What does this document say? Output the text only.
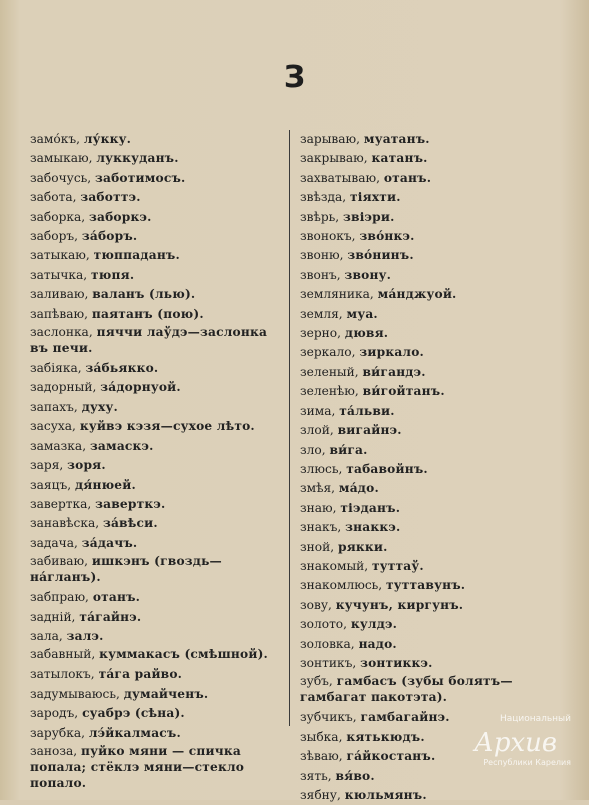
З
замо́къ, лу́кку.
замыкаю, луккуданъ.
забочусь, заботимосъ.
забота, заботтэ.
заборка, заборкэ.
заборъ, за́боръ.
затыкаю, тюппаданъ.
затычка, тюпя.
заливаю, валанъ (лью).
запѣваю, паятанъ (пою).
заслонка, пяччи лаўдэ—заслонка въ печи.
забіяка, за́бьякко.
задорный, за́дорнуой.
запахъ, духу.
засуха, куйвэ кэзя—сухое лѣто.
замазка, замаскэ.
заря, зоря.
заяцъ, дя́нюей.
завертка, заверткэ.
занавѣска, за́вѣси.
задача, за́дачъ.
забиваю, ишкэнъ (гвоздь—на́гланъ).
забпраю, отанъ.
задній, та́гайнэ.
зала, залэ.
забавный, куммакасъ (смѣшной).
затылокъ, та́га райво.
задумываюсь, думайченъ.
зародъ, суабрэ (сѣна).
зарубка, лэ́йкалмасъ.
заноза, пуйко мяни — спичка попала; стёклэ мяни—стекло попало.
зарываю, муатанъ.
закрываю, катанъ.
захватываю, отанъ.
звѣзда, тіяхти.
звѣрь, звіэри.
звонокъ, зво́нкэ.
звоню, зво́нинъ.
звонъ, звону.
земляника, ма́нджуой.
земля, муа.
зерно, дювя.
зеркало, зиркало.
зеленый, ви́гандэ.
зеленѣю, ви́гойтанъ.
зима, та́льви.
злой, вигайнэ.
зло, ви́га.
злюсь, табавойнъ.
змѣя, ма́до.
знаю, тіэданъ.
знакъ, знаккэ.
зной, рякки.
знакомый, туттаў.
знакомлюсь, туттавунъ.
зову, кучунъ, киргунъ.
золото, кулдэ.
золовка, надо.
зонтикъ, зонтиккэ.
зубъ, гамбасъ (зубы болятъ— гамбагат пакотэта).
зубчикъ, гамбагайнэ.
зыбка, кятькюдъ.
зѣваю, га́йкостанъ.
зять, вя́во.
зябну, кюльмянъ.
Национальный
Архив
Республики Карелия
